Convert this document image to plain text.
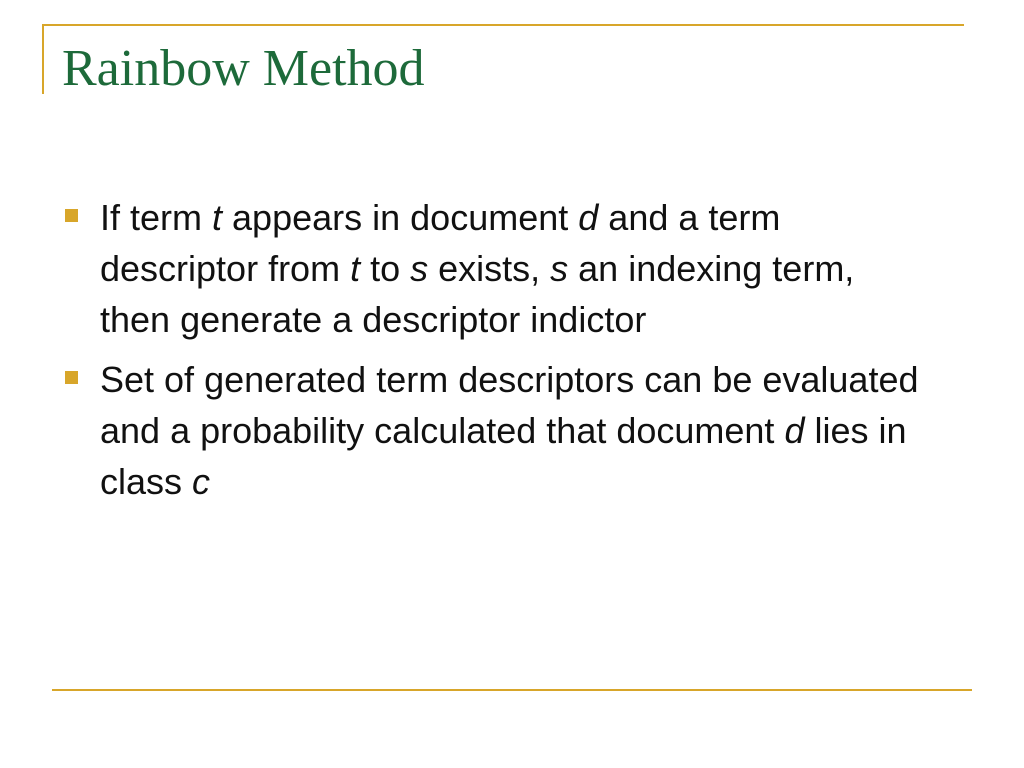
Rainbow Method
If term t appears in document d and a term descriptor from t to s exists, s an indexing term, then generate a descriptor indictor
Set of generated term descriptors can be evaluated and a probability calculated that document d lies in class c
